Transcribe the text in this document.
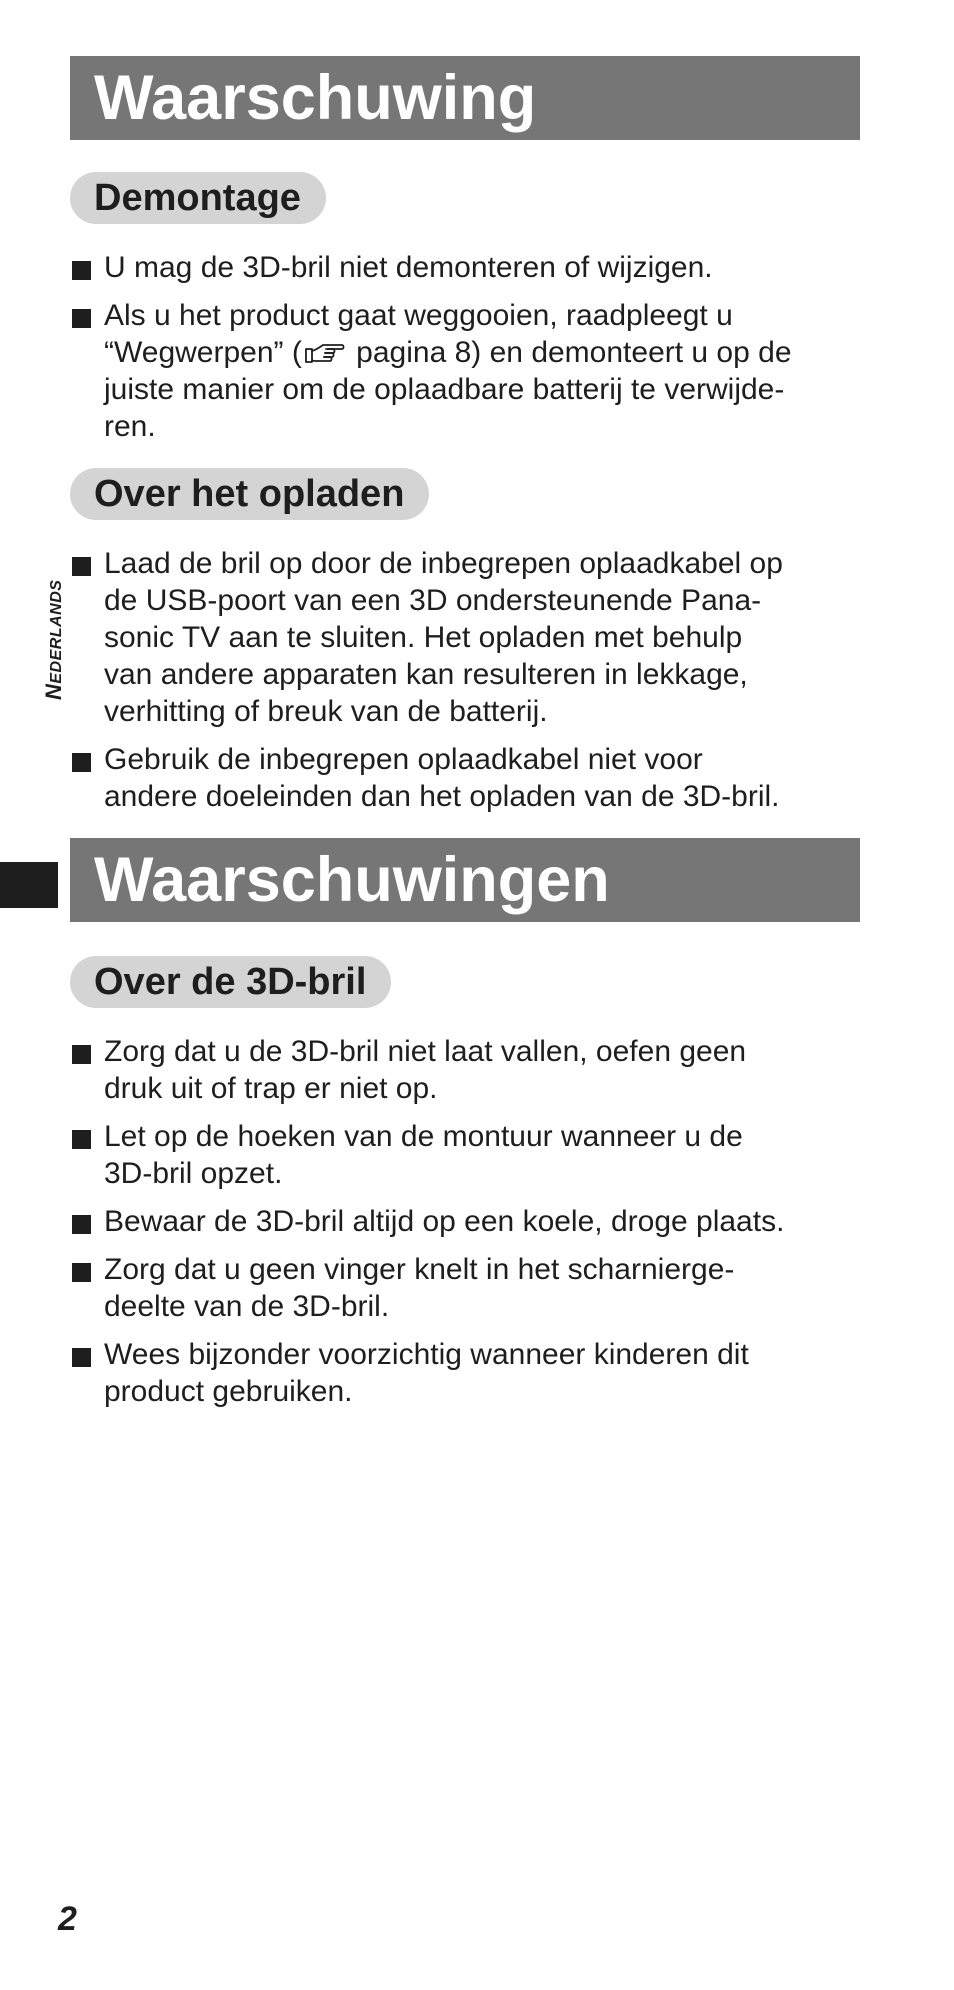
NEDERLANDS
Waarschuwing
Demontage
U mag de 3D-bril niet demonteren of wijzigen.
Als u het product gaat weggooien, raadpleegt u
“Wegwerpen” ( pagina 8) en demonteert u op de
juiste manier om de oplaadbare batterij te verwijde-
ren.
Over het opladen
Laad de bril op door de inbegrepen oplaadkabel op
de USB-poort van een 3D ondersteunende Pana-
sonic TV aan te sluiten. Het opladen met behulp
van andere apparaten kan resulteren in lekkage,
verhitting of breuk van de batterij.
Gebruik de inbegrepen oplaadkabel niet voor
andere doeleinden dan het opladen van de 3D-bril.
Waarschuwingen
Over de 3D-bril
Zorg dat u de 3D-bril niet laat vallen, oefen geen
druk uit of trap er niet op.
Let op de hoeken van de montuur wanneer u de
3D-bril opzet.
Bewaar de 3D-bril altijd op een koele, droge plaats.
Zorg dat u geen vinger knelt in het scharnierge-
deelte van de 3D-bril.
Wees bijzonder voorzichtig wanneer kinderen dit
product gebruiken.
2
